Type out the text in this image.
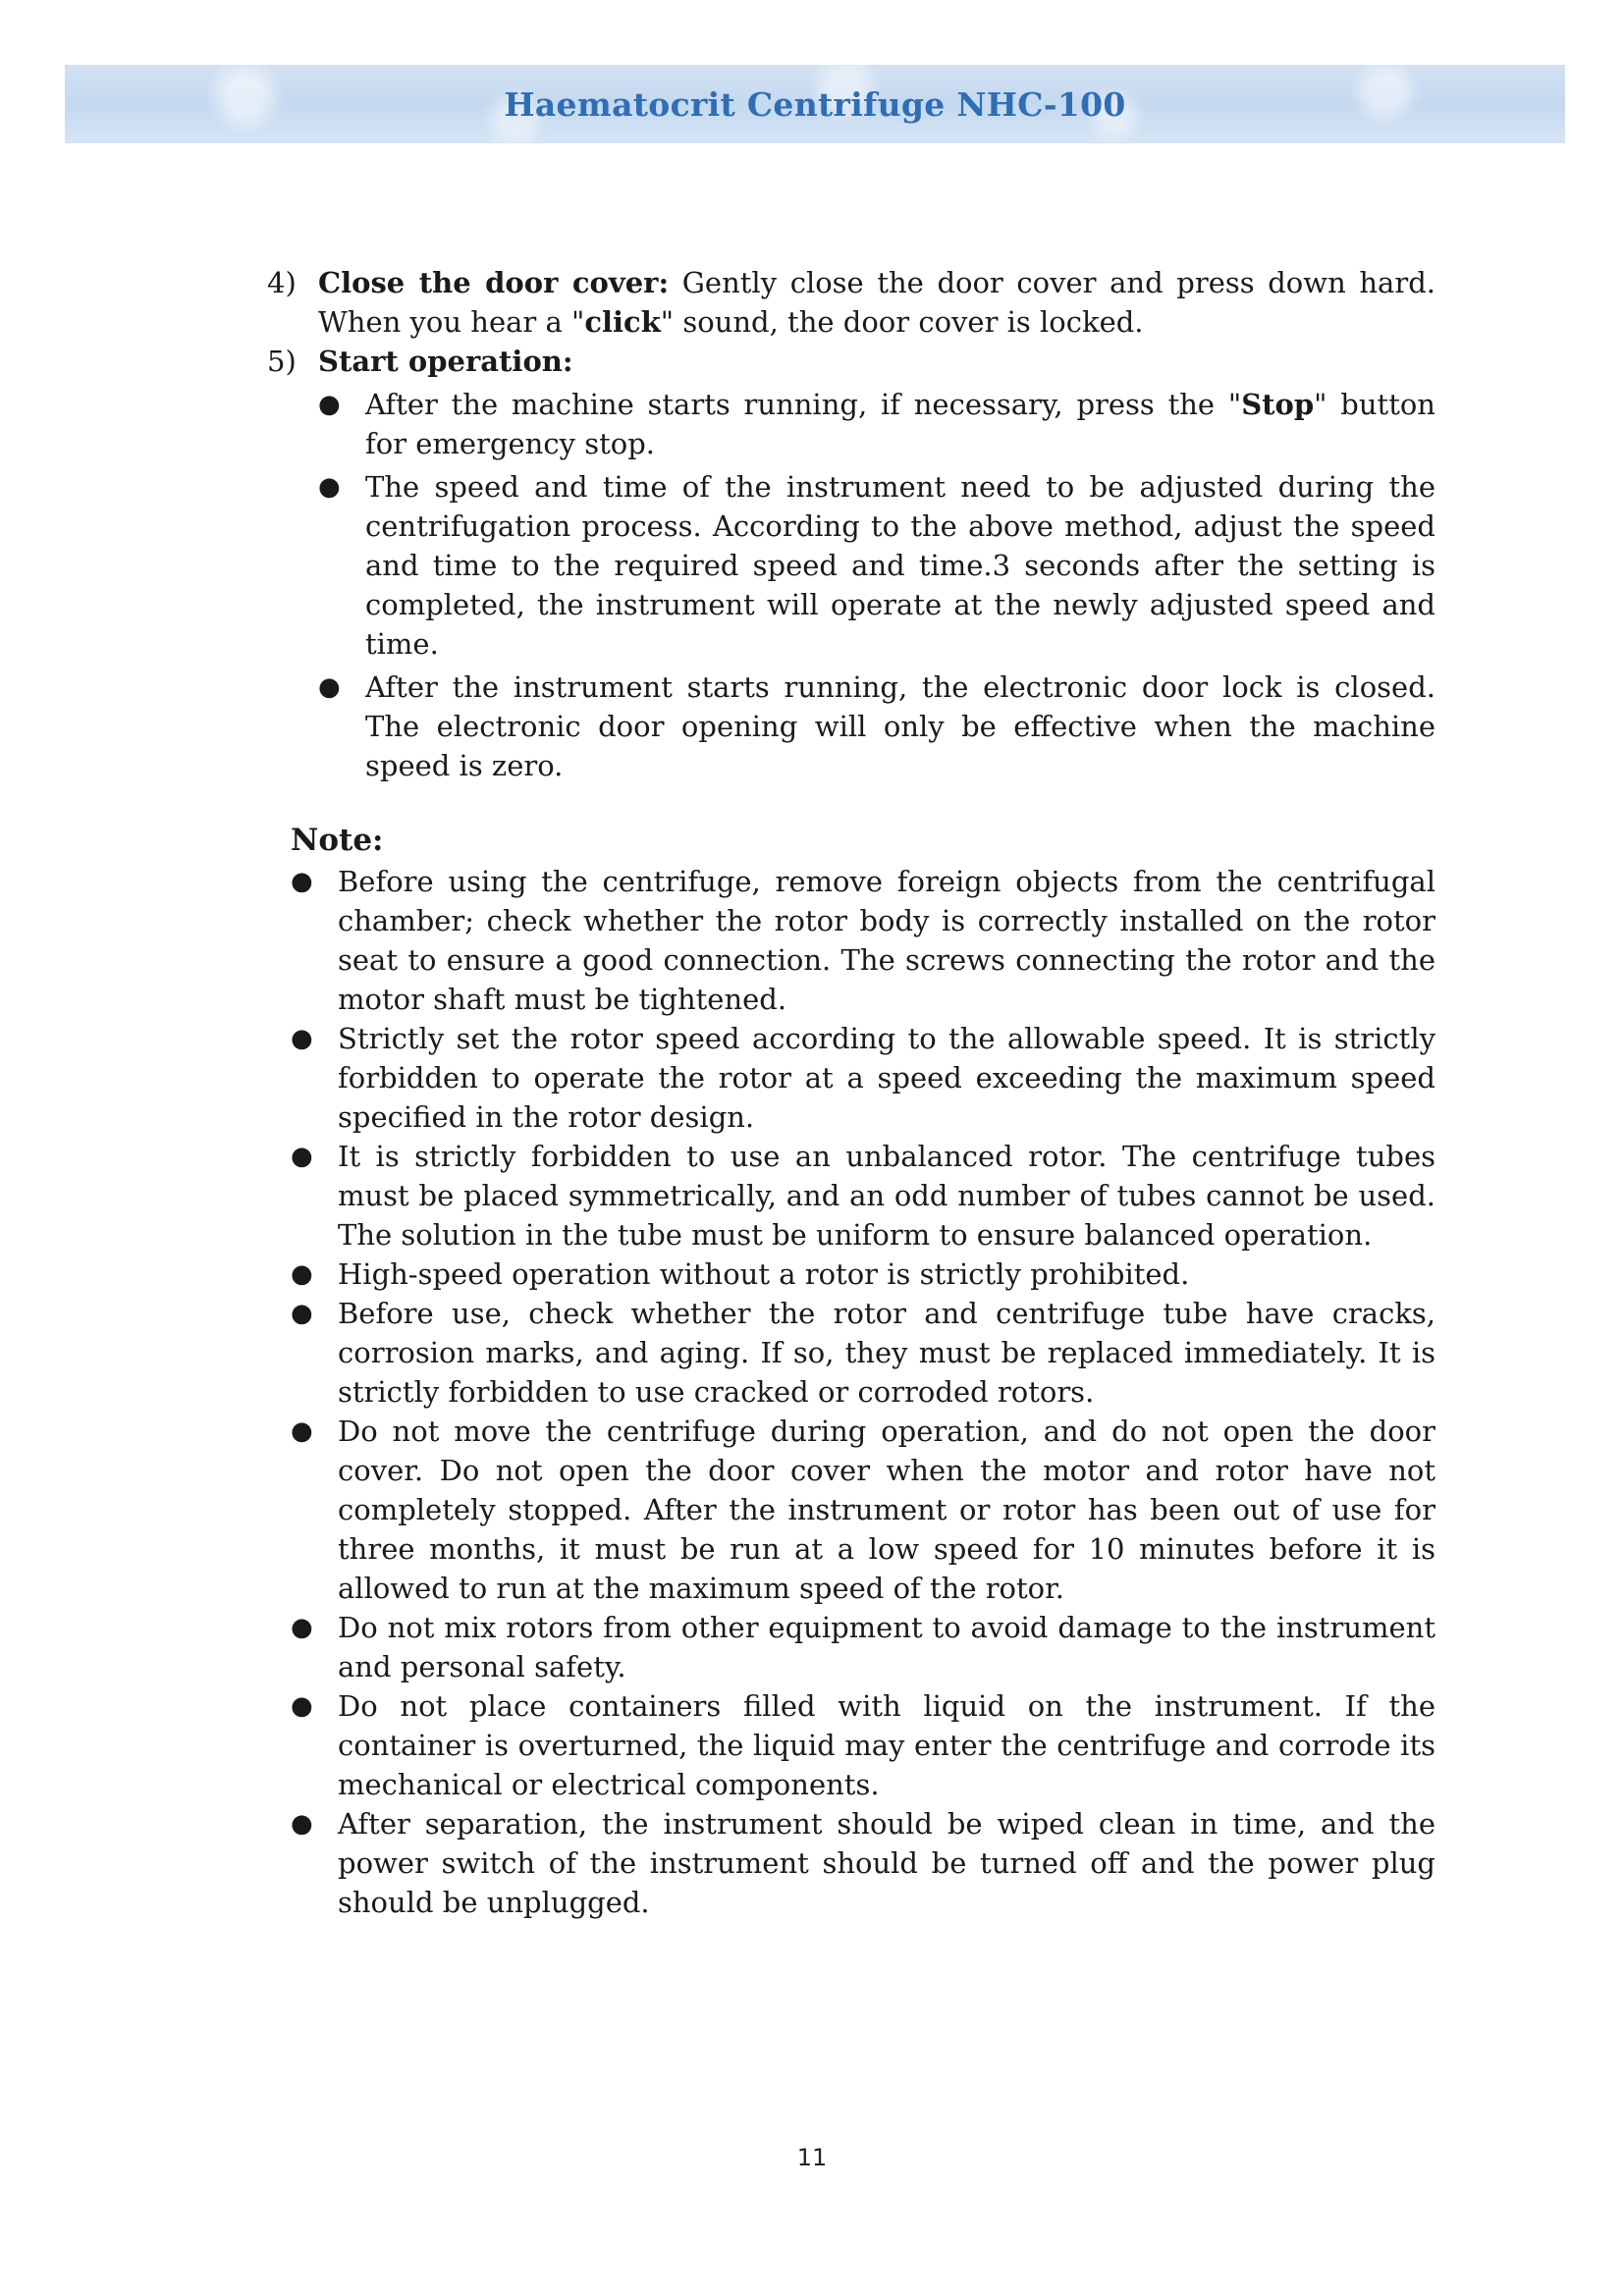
Haematocrit Centrifuge NHC-100
4) Close the door cover: Gently close the door cover and press down hard. When you hear a "click" sound, the door cover is locked.
5) Start operation:
● After the machine starts running, if necessary, press the "Stop" button for emergency stop.
● The speed and time of the instrument need to be adjusted during the centrifugation process. According to the above method, adjust the speed and time to the required speed and time.3 seconds after the setting is completed, the instrument will operate at the newly adjusted speed and time.
● After the instrument starts running, the electronic door lock is closed. The electronic door opening will only be effective when the machine speed is zero.
Note:
● Before using the centrifuge, remove foreign objects from the centrifugal chamber; check whether the rotor body is correctly installed on the rotor seat to ensure a good connection. The screws connecting the rotor and the motor shaft must be tightened.
● Strictly set the rotor speed according to the allowable speed. It is strictly forbidden to operate the rotor at a speed exceeding the maximum speed specified in the rotor design.
● It is strictly forbidden to use an unbalanced rotor. The centrifuge tubes must be placed symmetrically, and an odd number of tubes cannot be used. The solution in the tube must be uniform to ensure balanced operation.
● High-speed operation without a rotor is strictly prohibited.
● Before use, check whether the rotor and centrifuge tube have cracks, corrosion marks, and aging. If so, they must be replaced immediately. It is strictly forbidden to use cracked or corroded rotors.
● Do not move the centrifuge during operation, and do not open the door cover. Do not open the door cover when the motor and rotor have not completely stopped. After the instrument or rotor has been out of use for three months, it must be run at a low speed for 10 minutes before it is allowed to run at the maximum speed of the rotor.
● Do not mix rotors from other equipment to avoid damage to the instrument and personal safety.
● Do not place containers filled with liquid on the instrument. If the container is overturned, the liquid may enter the centrifuge and corrode its mechanical or electrical components.
● After separation, the instrument should be wiped clean in time, and the power switch of the instrument should be turned off and the power plug should be unplugged.
11
